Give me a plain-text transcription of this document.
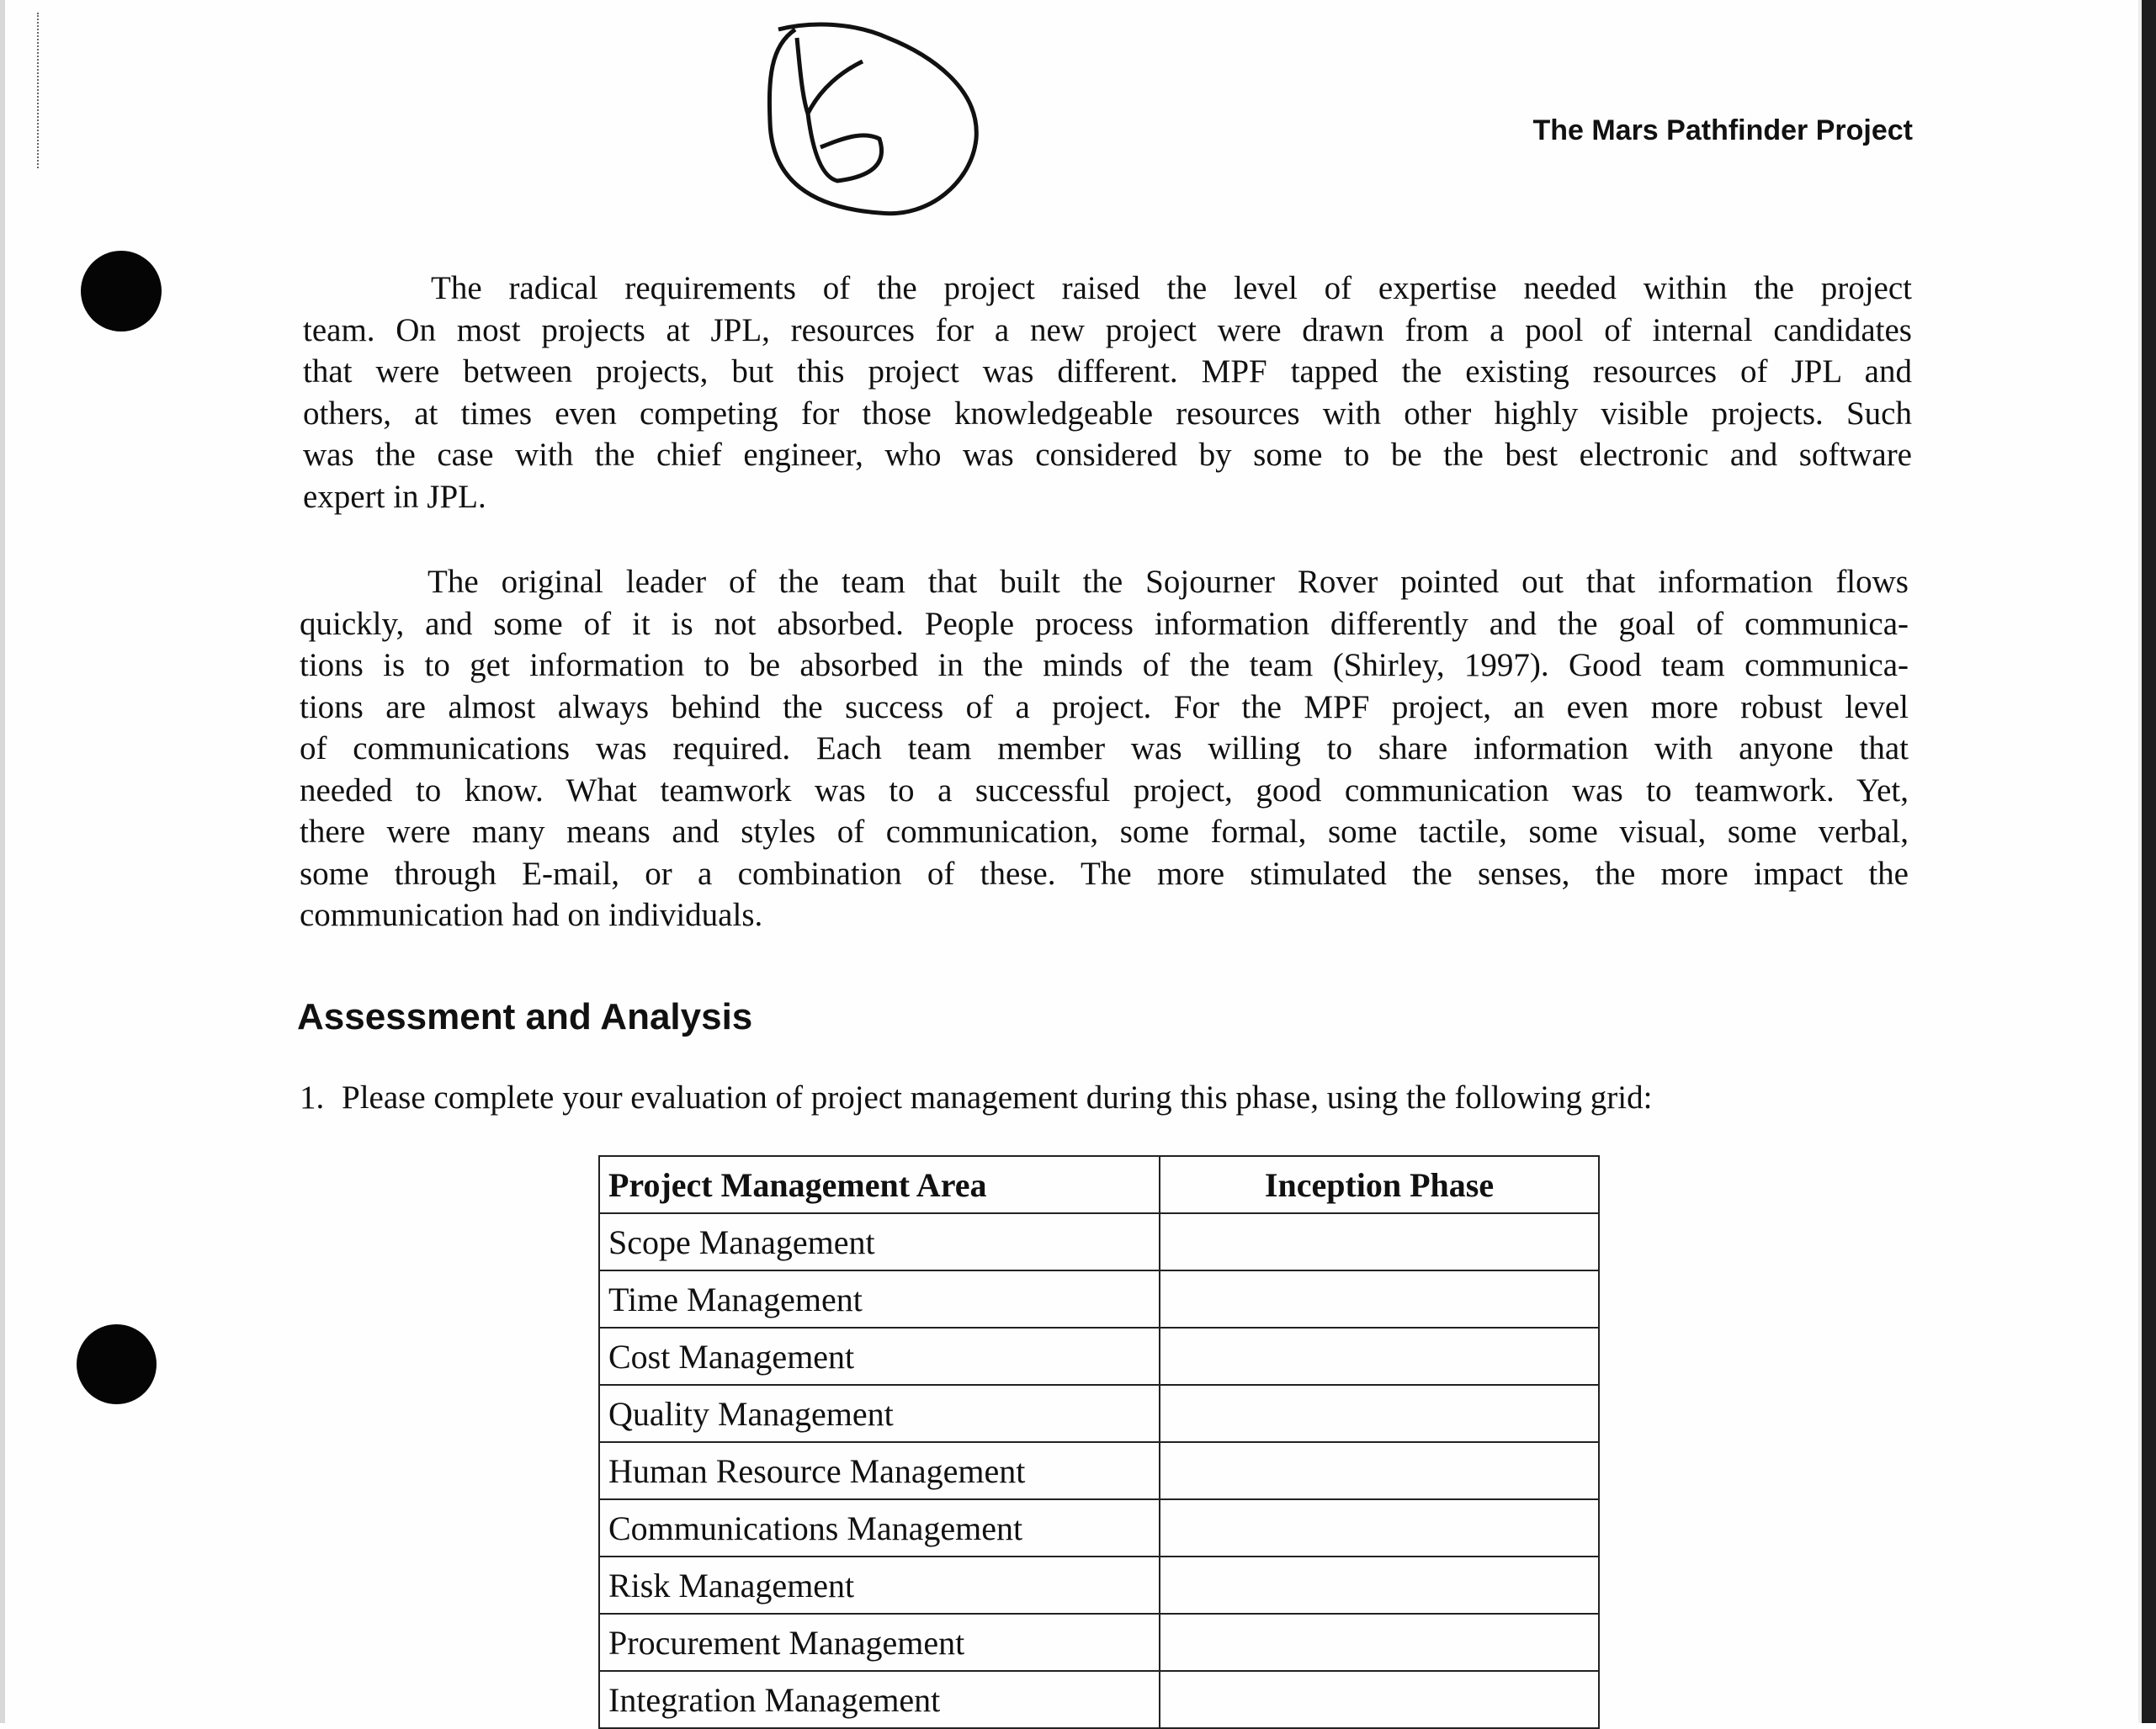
The Mars Pathfinder Project
The radical requirements of the project raised the level of expertise needed within the project
team. On most projects at JPL, resources for a new project were drawn from a pool of internal candidates
that were between projects, but this project was different. MPF tapped the existing resources of JPL and
others, at times even competing for those knowledgeable resources with other highly visible projects. Such
was the case with the chief engineer, who was considered by some to be the best electronic and software
expert in JPL.
The original leader of the team that built the Sojourner Rover pointed out that information flows
quickly, and some of it is not absorbed. People process information differently and the goal of communica-
tions is to get information to be absorbed in the minds of the team (Shirley, 1997). Good team communica-
tions are almost always behind the success of a project. For the MPF project, an even more robust level
of communications was required. Each team member was willing to share information with anyone that
needed to know. What teamwork was to a successful project, good communication was to teamwork. Yet,
there were many means and styles of communication, some formal, some tactile, some visual, some verbal,
some through E-mail, or a combination of these. The more stimulated the senses, the more impact the
communication had on individuals.
Assessment and Analysis
1. Please complete your evaluation of project management during this phase, using the following grid:
Project Management Area	Inception Phase
Scope Management	
Time Management	
Cost Management	
Quality Management	
Human Resource Management	
Communications Management	
Risk Management	
Procurement Management	
Integration Management	
